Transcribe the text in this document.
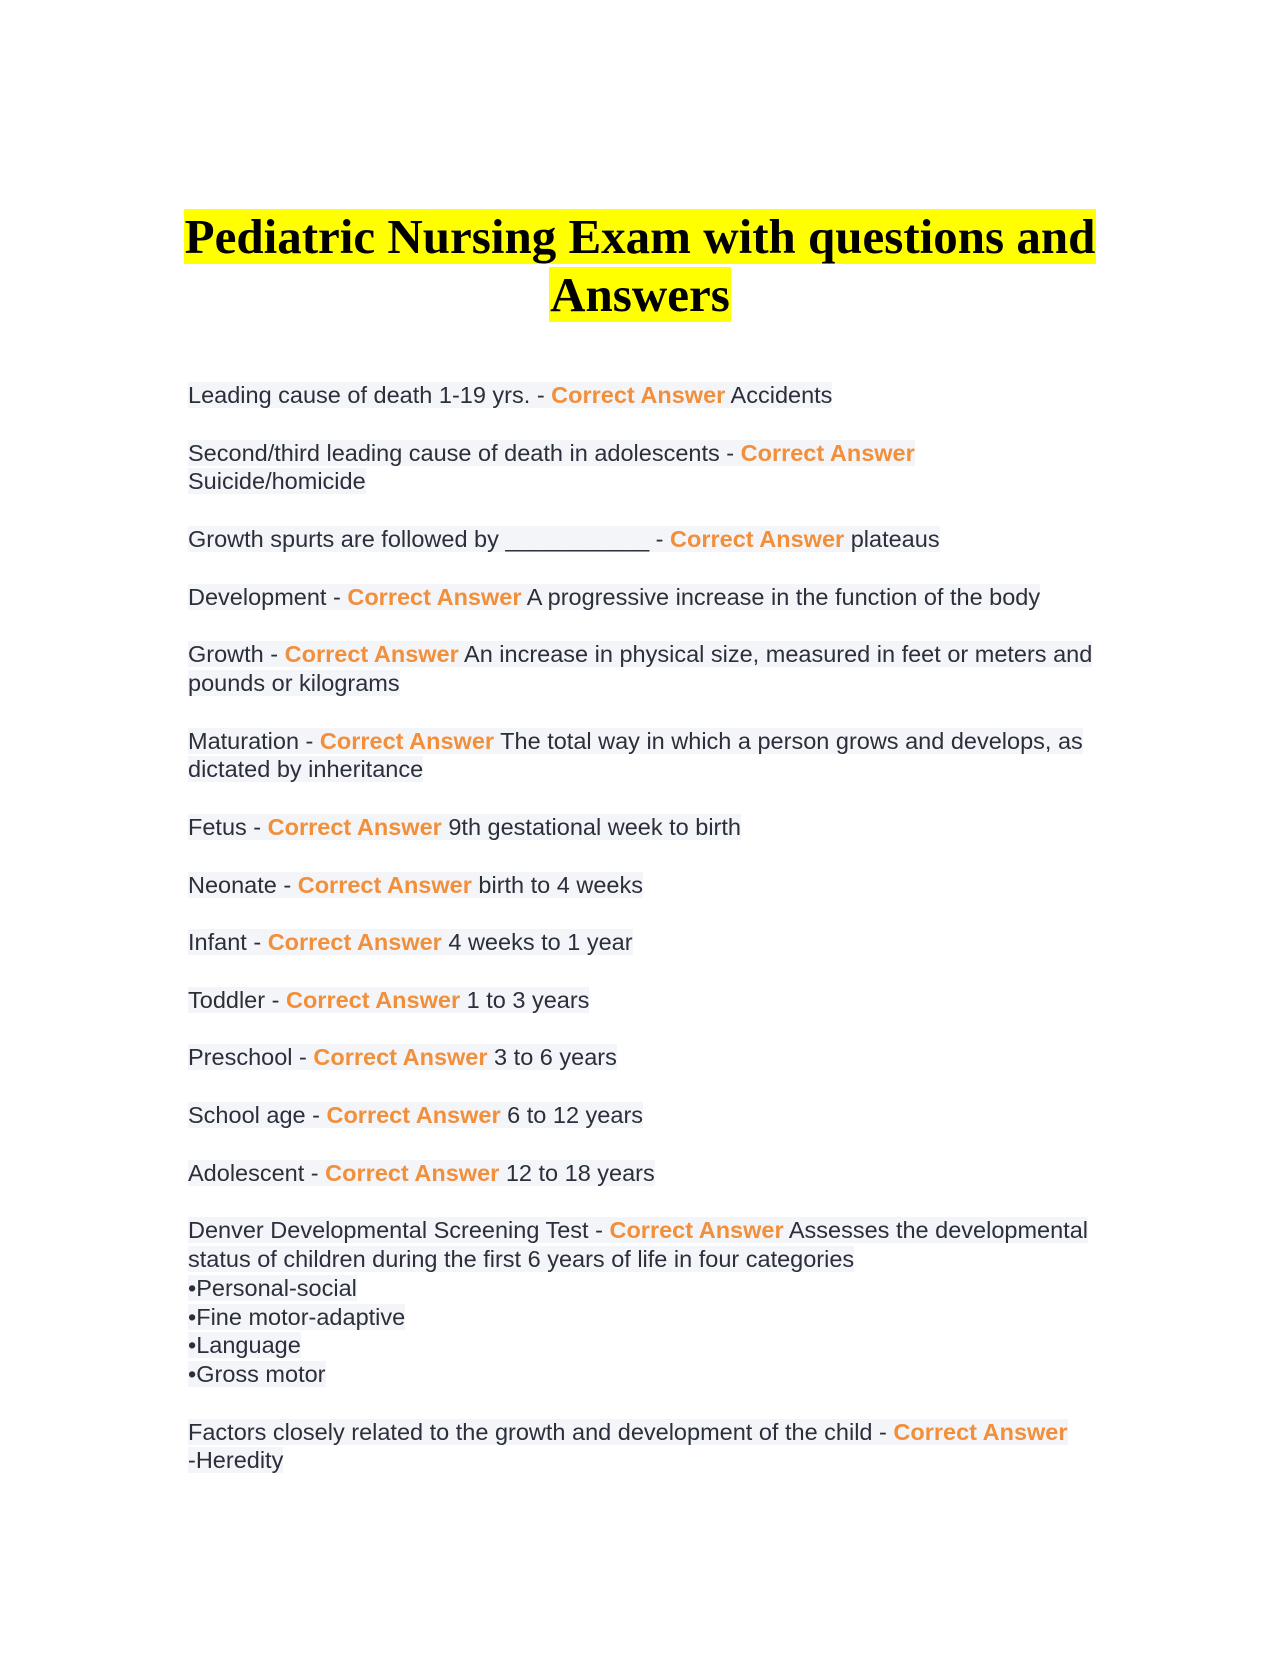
Pediatric Nursing Exam with questions and
Answers
Leading cause of death 1-19 yrs. - Correct Answer Accidents
Second/third leading cause of death in adolescents - Correct Answer
Suicide/homicide
Growth spurts are followed by ___________ - Correct Answer plateaus
Development - Correct Answer A progressive increase in the function of the body
Growth - Correct Answer An increase in physical size, measured in feet or meters and pounds or kilograms
Maturation - Correct Answer The total way in which a person grows and develops, as dictated by inheritance
Fetus - Correct Answer 9th gestational week to birth
Neonate - Correct Answer birth to 4 weeks
Infant - Correct Answer 4 weeks to 1 year
Toddler - Correct Answer 1 to 3 years
Preschool - Correct Answer 3 to 6 years
School age - Correct Answer 6 to 12 years
Adolescent - Correct Answer 12 to 18 years
Denver Developmental Screening Test - Correct Answer Assesses the developmental status of children during the first 6 years of life in four categories
•Personal-social
•Fine motor-adaptive
•Language
•Gross motor
Factors closely related to the growth and development of the child - Correct Answer
-Heredity
